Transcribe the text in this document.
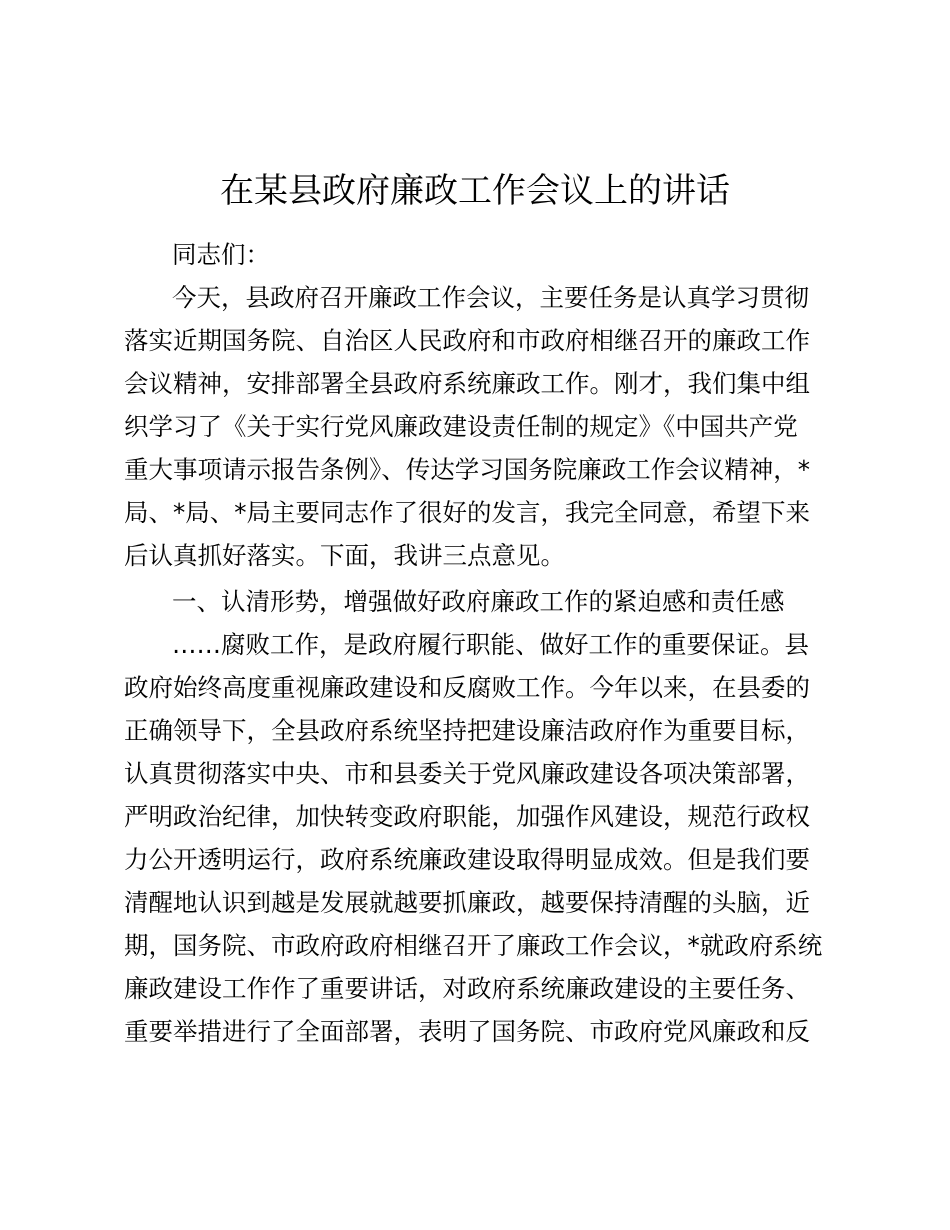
在某县政府廉政工作会议上的讲话
同志们：
今天，县政府召开廉政工作会议，主要任务是认真学习贯彻
落实近期国务院、自治区人民政府和市政府相继召开的廉政工作
会议精神，安排部署全县政府系统廉政工作。刚才，我们集中组
织学习了《关于实行党风廉政建设责任制的规定》《中国共产党
重大事项请示报告条例》、传达学习国务院廉政工作会议精神，*
局、*局、*局主要同志作了很好的发言，我完全同意，希望下来
后认真抓好落实。下面，我讲三点意见。
一、认清形势，增强做好政府廉政工作的紧迫感和责任感
……腐败工作，是政府履行职能、做好工作的重要保证。县
政府始终高度重视廉政建设和反腐败工作。今年以来，在县委的
正确领导下，全县政府系统坚持把建设廉洁政府作为重要目标，
认真贯彻落实中央、市和县委关于党风廉政建设各项决策部署，
严明政治纪律，加快转变政府职能，加强作风建设，规范行政权
力公开透明运行，政府系统廉政建设取得明显成效。但是我们要
清醒地认识到越是发展就越要抓廉政，越要保持清醒的头脑，近
期，国务院、市政府政府相继召开了廉政工作会议，*就政府系统
廉政建设工作作了重要讲话，对政府系统廉政建设的主要任务、
重要举措进行了全面部署，表明了国务院、市政府党风廉政和反
